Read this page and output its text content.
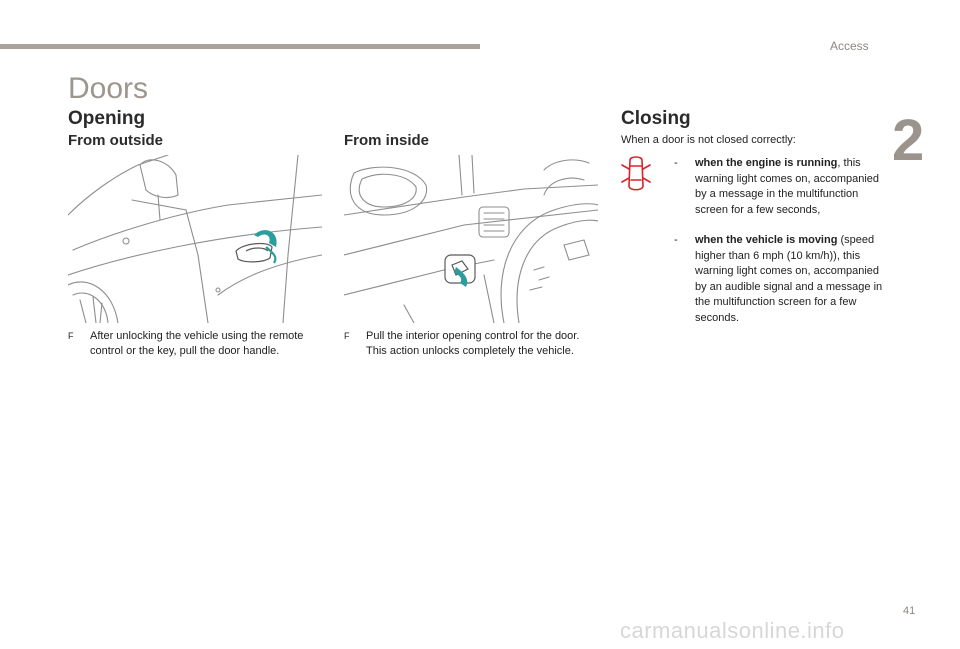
Access
2
Doors
Opening
From outside	From inside
Closing
F After unlocking the vehicle using the remote control or the key, pull the door handle.
F Pull the interior opening control for the door. This action unlocks completely the vehicle.
When a door is not closed correctly:
- when the engine is running, this warning light comes on, accompanied by a message in the multifunction screen for a few seconds,
- when the vehicle is moving (speed higher than 6 mph (10 km/h)), this warning light comes on, accompanied by an audible signal and a message in the multifunction screen for a few seconds.
41
carmanualsonline.info
